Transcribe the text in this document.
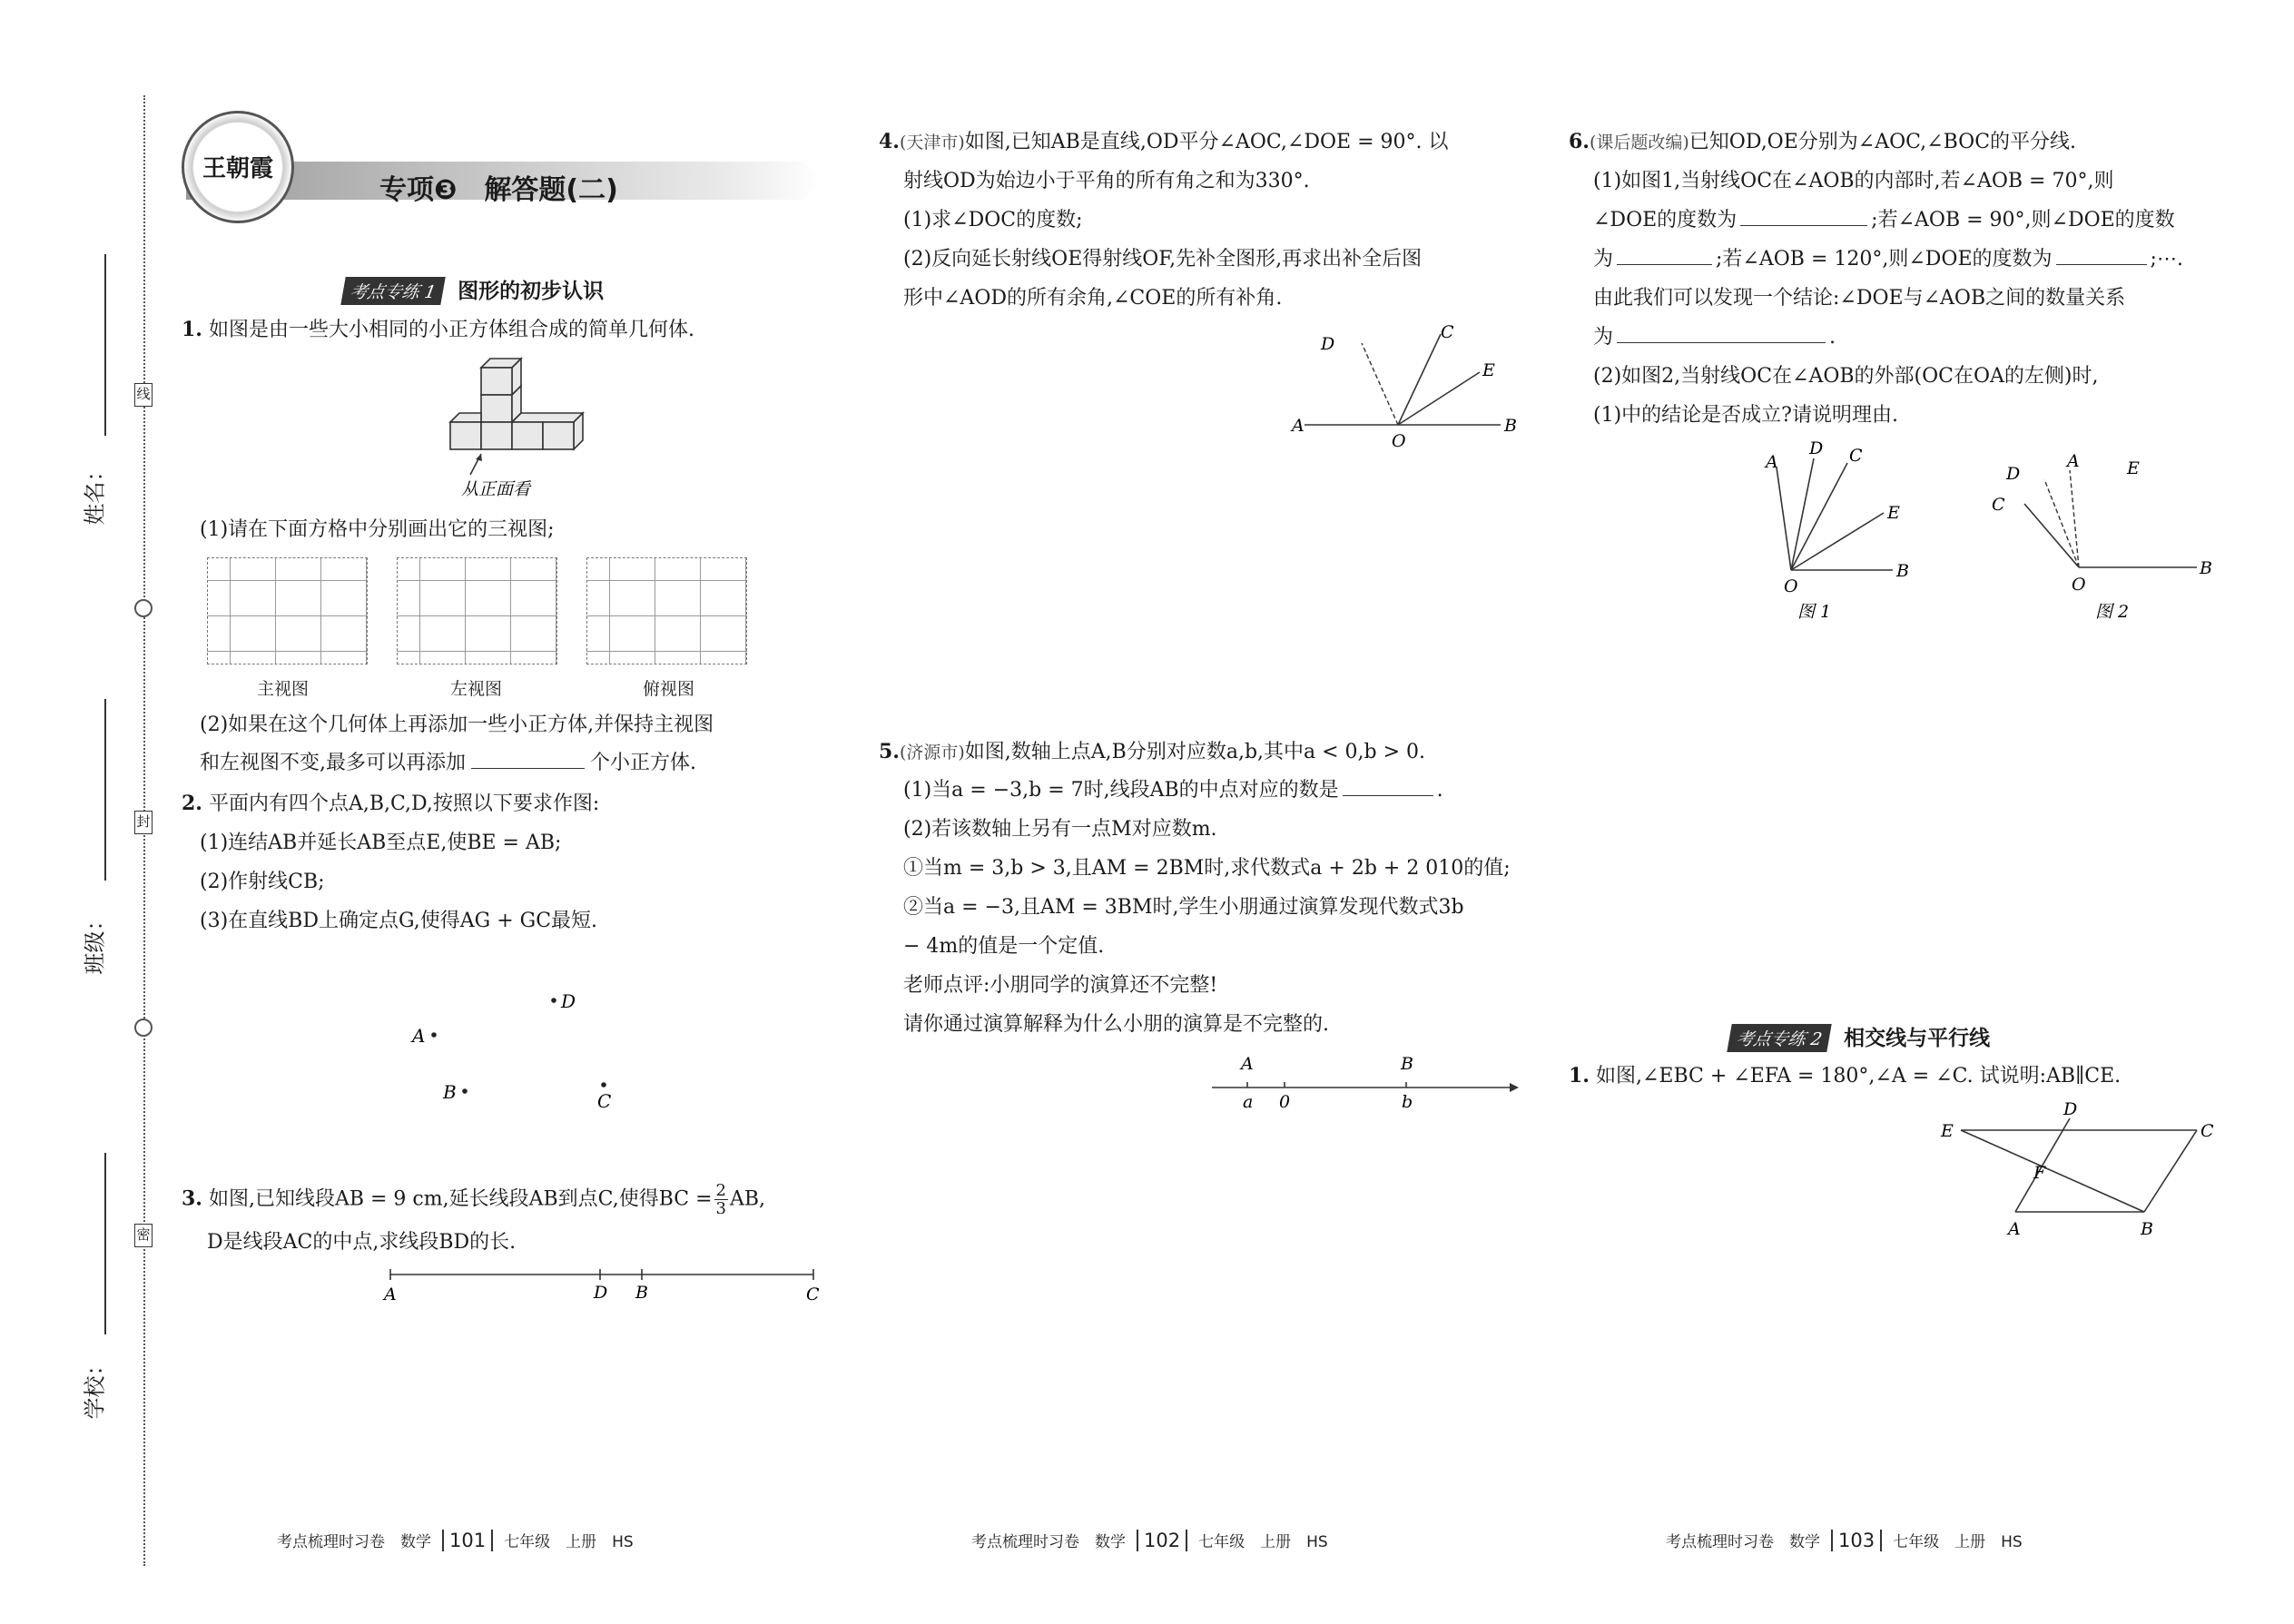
姓名：
班级：
学校：
线
封
密
王朝霞
专项❸　解答题(二)
考点专练 1 图形的初步认识
1. 如图是由一些大小相同的小正方体组合成的简单几何体.
从正面看
(1)请在下面方格中分别画出它的三视图;
主视图	左视图	俯视图
(2)如果在这个几何体上再添加一些小正方体,并保持主视图
和左视图不变,最多可以再添加	个小正方体.
2. 平面内有四个点A,B,C,D,按照以下要求作图:
(1)连结AB并延长AB至点E,使BE = AB;
(2)作射线CB;
(3)在直线BD上确定点G,使得AG + GC最短.
D
A
B	C
3. 如图,已知线段AB = 9 cm,延长线段AB到点C,使得BC = $\frac{2}{3}$ AB,
D是线段AC的中点,求线段BD的长.
A	D B	C
4.(天津市)如图,已知AB是直线,OD平分∠AOC,∠DOE = 90°. 以
射线OD为始边小于平角的所有角之和为330°.
(1)求∠DOC的度数;
(2)反向延长射线OE得射线OF,先补全图形,再求出补全后图
形中∠AOD的所有余角,∠COE的所有补角.
D
C
E
A
O
B
5.(济源市)如图,数轴上点A,B分别对应数a,b,其中a < 0,b > 0.
(1)当a = −3,b = 7时,线段AB的中点对应的数是	.
(2)若该数轴上另有一点M对应数m.
①当m = 3,b > 3,且AM = 2BM时,求代数式a + 2b + 2 010的值;
②当a = −3,且AM = 3BM时,学生小朋通过演算发现代数式3b
− 4m的值是一个定值.
老师点评:小朋同学的演算还不完整!
请你通过演算解释为什么小朋的演算是不完整的.
A	B
a 0	b
6.(课后题改编)已知OD,OE分别为∠AOC,∠BOC的平分线.
(1)如图1,当射线OC在∠AOB的内部时,若∠AOB = 70°,则
∠DOE的度数为	;若∠AOB = 90°,则∠DOE的度数
为	;若∠AOB = 120°,则∠DOE的度数为	;⋯.
由此我们可以发现一个结论:∠DOE与∠AOB之间的数量关系
为	.
(2)如图2,当射线OC在∠AOB的外部(OC在OA的左侧)时,
(1)中的结论是否成立?请说明理由.
A
D C
E
O
B
图 1
D
A	E
C
O
B
图 2
考点专练 2 相交线与平行线
1. 如图,∠EBC + ∠EFA = 180°,∠A = ∠C. 试说明:AB∥CE.
E
D
C
F
A	B
考点梳理时习卷　数学 101 七年级　上册　HS	考点梳理时习卷　数学 102 七年级　上册　HS	考点梳理时习卷　数学 103 七年级　上册　HS
